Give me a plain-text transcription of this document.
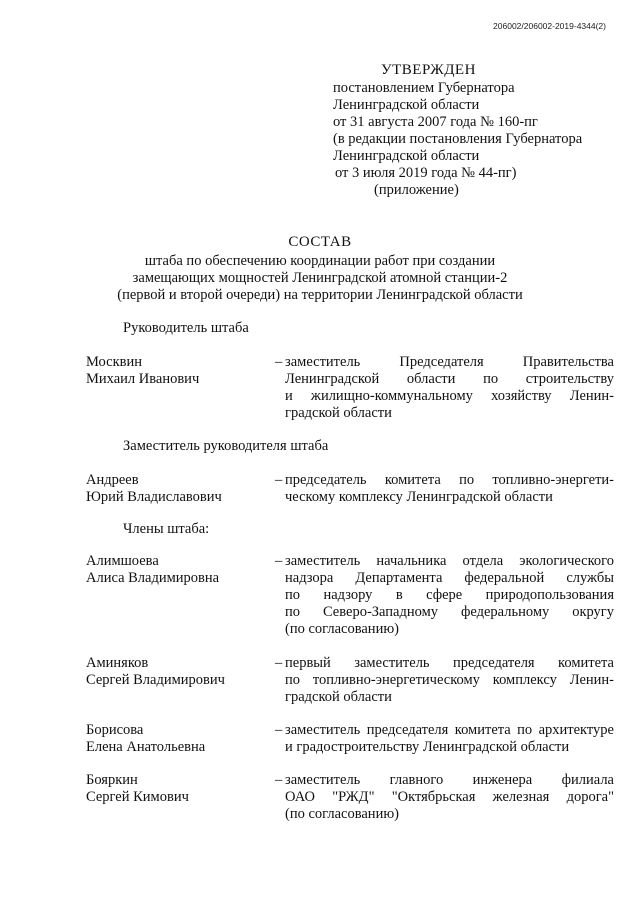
206002/206002-2019-4344(2)
УТВЕРЖДЕН
постановлением Губернатора
Ленинградской области
от 31 августа 2007 года № 160-пг
(в редакции постановления Губернатора
Ленинградской области
от 3 июля 2019 года № 44-пг)
(приложение)
СОСТАВ
штаба по обеспечению координации работ при создании
замещающих мощностей Ленинградской атомной станции-2
(первой и второй очереди) на территории Ленинградской области
Руководитель штаба
Москвин
Михаил Иванович
– заместитель Председателя Правительства
Ленинградской области по строительству
и жилищно-коммунальному хозяйству Ленин-
градской области
Заместитель руководителя штаба
Андреев
Юрий Владиславович
– председатель комитета по топливно-энергети-
ческому комплексу Ленинградской области
Члены штаба:
Алимшоева
Алиса Владимировна
– заместитель начальника отдела экологического
надзора Департамента федеральной службы
по надзору в сфере природопользования
по Северо-Западному федеральному округу
(по согласованию)
Аминяков
Сергей Владимирович
– первый заместитель председателя комитета
по топливно-энергетическому комплексу Ленин-
градской области
Борисова
Елена Анатольевна
– заместитель председателя комитета по архитектуре
и градостроительству Ленинградской области
Бояркин
Сергей Кимович
– заместитель главного инженера филиала
ОАО "РЖД" "Октябрьская железная дорога"
(по согласованию)
